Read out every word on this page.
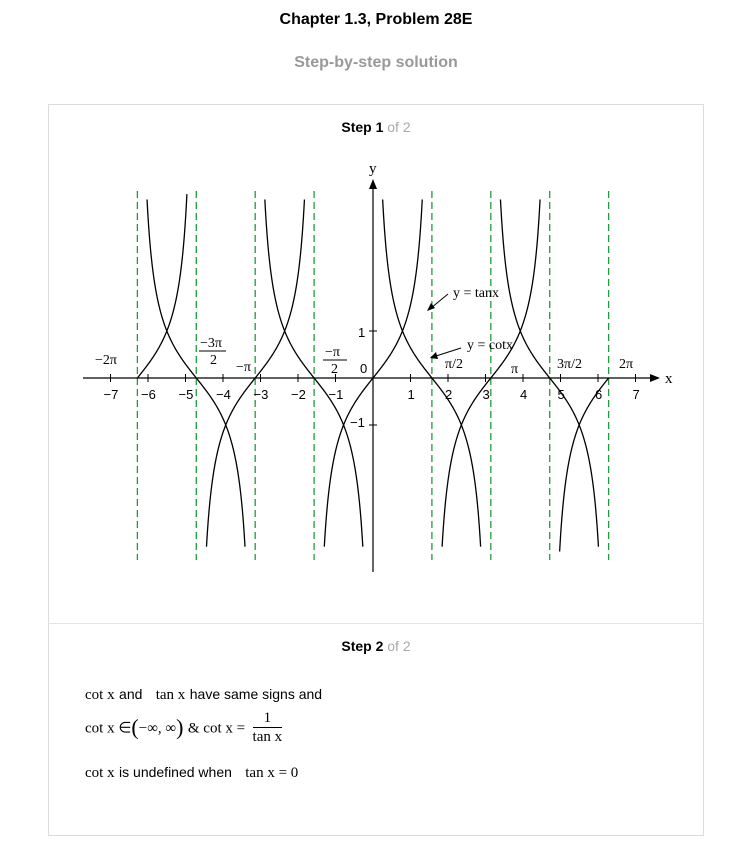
Chapter 1.3, Problem 28E
Step-by-step solution
Step 1 of 2
x
y
−7 −6 −5 −4 −3 −2 −1	1 2 3 4 5 6 7
1
−1
0
−2π
−3π
2 −π
−π
2	π/2	π	3π/2	2π
y = tanx
y = cotx
Step 2 of 2
cot x and tan x have same signs and
cot x ∈(−∞, ∞) & $\cot x = \frac{1}{\text{tan x}}$
cot x is undefined when tan x = 0
